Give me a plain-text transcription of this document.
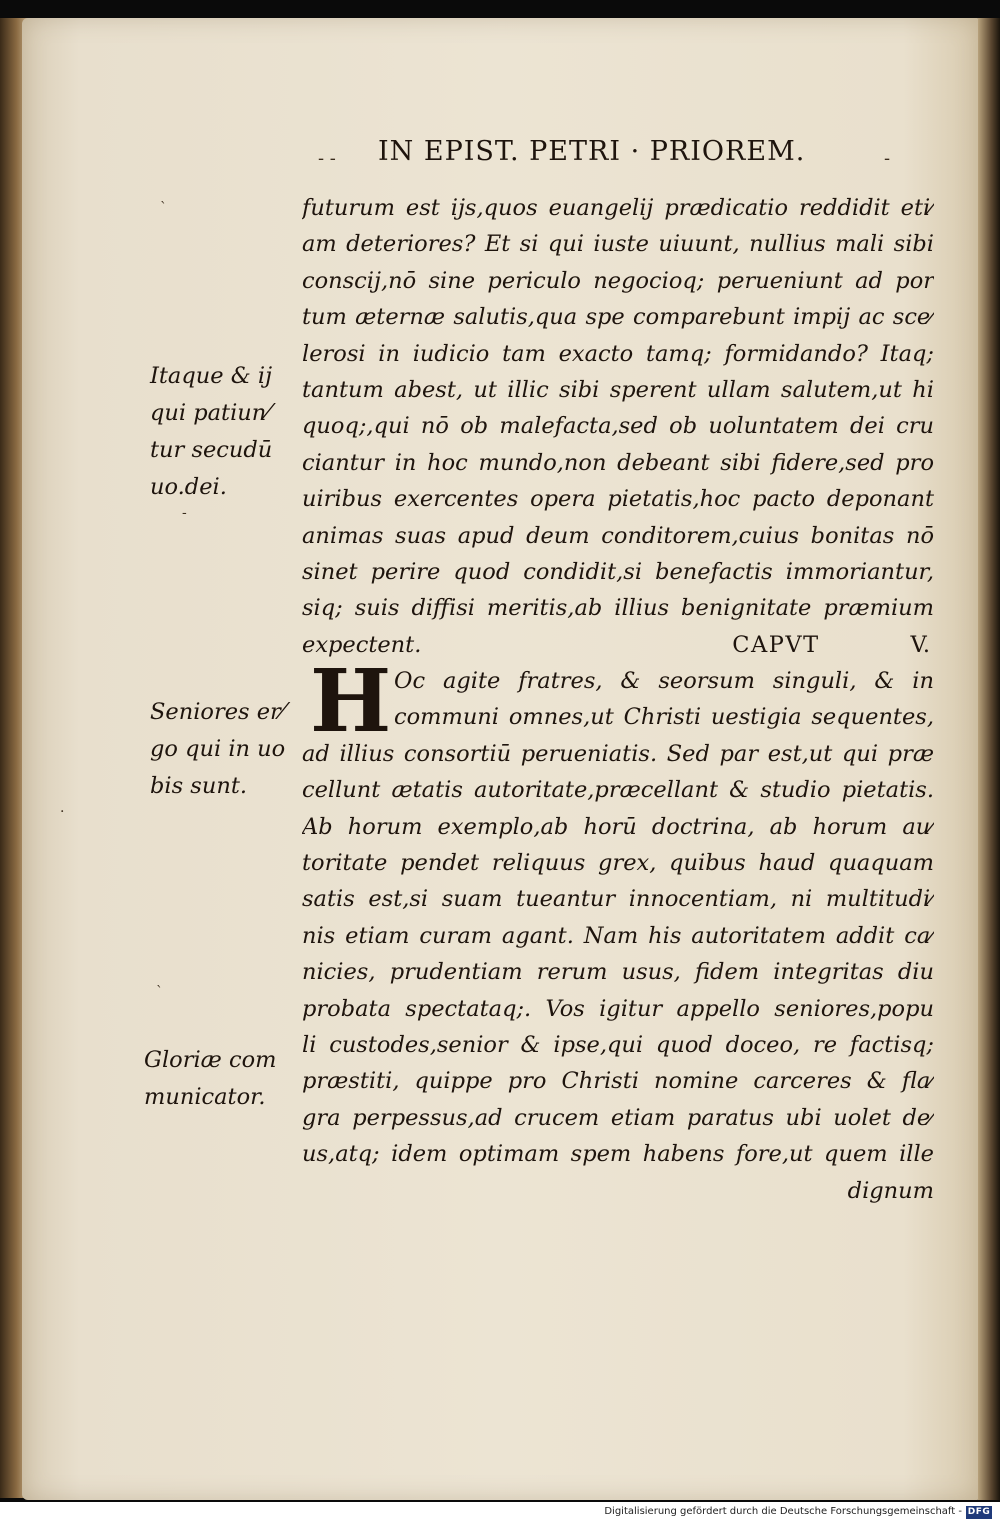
- - IN EPIST. PETRI · PRIOREM.	-
futurum est ijs,quos euangelij prædicatio reddidit eti⁄
am deteriores? Et si qui iuste uiuunt, nullius mali sibi
conscij,nō sine periculo negocioq; perueniunt ad por
tum æternæ salutis,qua spe comparebunt impij ac sce⁄
lerosi in iudicio tam exacto tamq; formidando? Itaq;
tantum abest, ut illic sibi sperent ullam salutem,ut hi
quoq;,qui nō ob malefacta,sed ob uoluntatem dei cru
ciantur in hoc mundo,non debeant sibi fidere,sed pro
uiribus exercentes opera pietatis,hoc pacto deponant
animas suas apud deum conditorem,cuius bonitas nō
sinet perire quod condidit,si benefactis immoriantur,
siq; suis diffisi meritis,ab illius benignitate præmium
expectent.	CAPVT	V.
H Oc agite fratres, & seorsum singuli, & in
communi omnes,ut Christi uestigia sequentes,
ad illius consortiū perueniatis. Sed par est,ut qui præ
cellunt ætatis autoritate,præcellant & studio pietatis.
Ab horum exemplo,ab horū doctrina, ab horum au⁄
toritate pendet reliquus grex, quibus haud quaquam
satis est,si suam tueantur innocentiam, ni multitudi⁄
nis etiam curam agant. Nam his autoritatem addit ca⁄
nicies, prudentiam rerum usus, fidem integritas diu
probata spectataq;. Vos igitur appello seniores,popu
li custodes,senior & ipse,qui quod doceo, re factisq;
præstiti, quippe pro Christi nomine carceres & fla⁄
gra perpessus,ad crucem etiam paratus ubi uolet de⁄
us,atq; idem optimam spem habens fore,ut quem ille
dignum
Itaque & ij
qui patiun⁄
tur secudū
uo.dei.
Seniores er⁄
go qui in uo
bis sunt.
Gloriæ com
municator.
ˋ
-
ˋ
·
Digitalisierung gefördert durch die Deutsche Forschungsgemeinschaft - DFG
